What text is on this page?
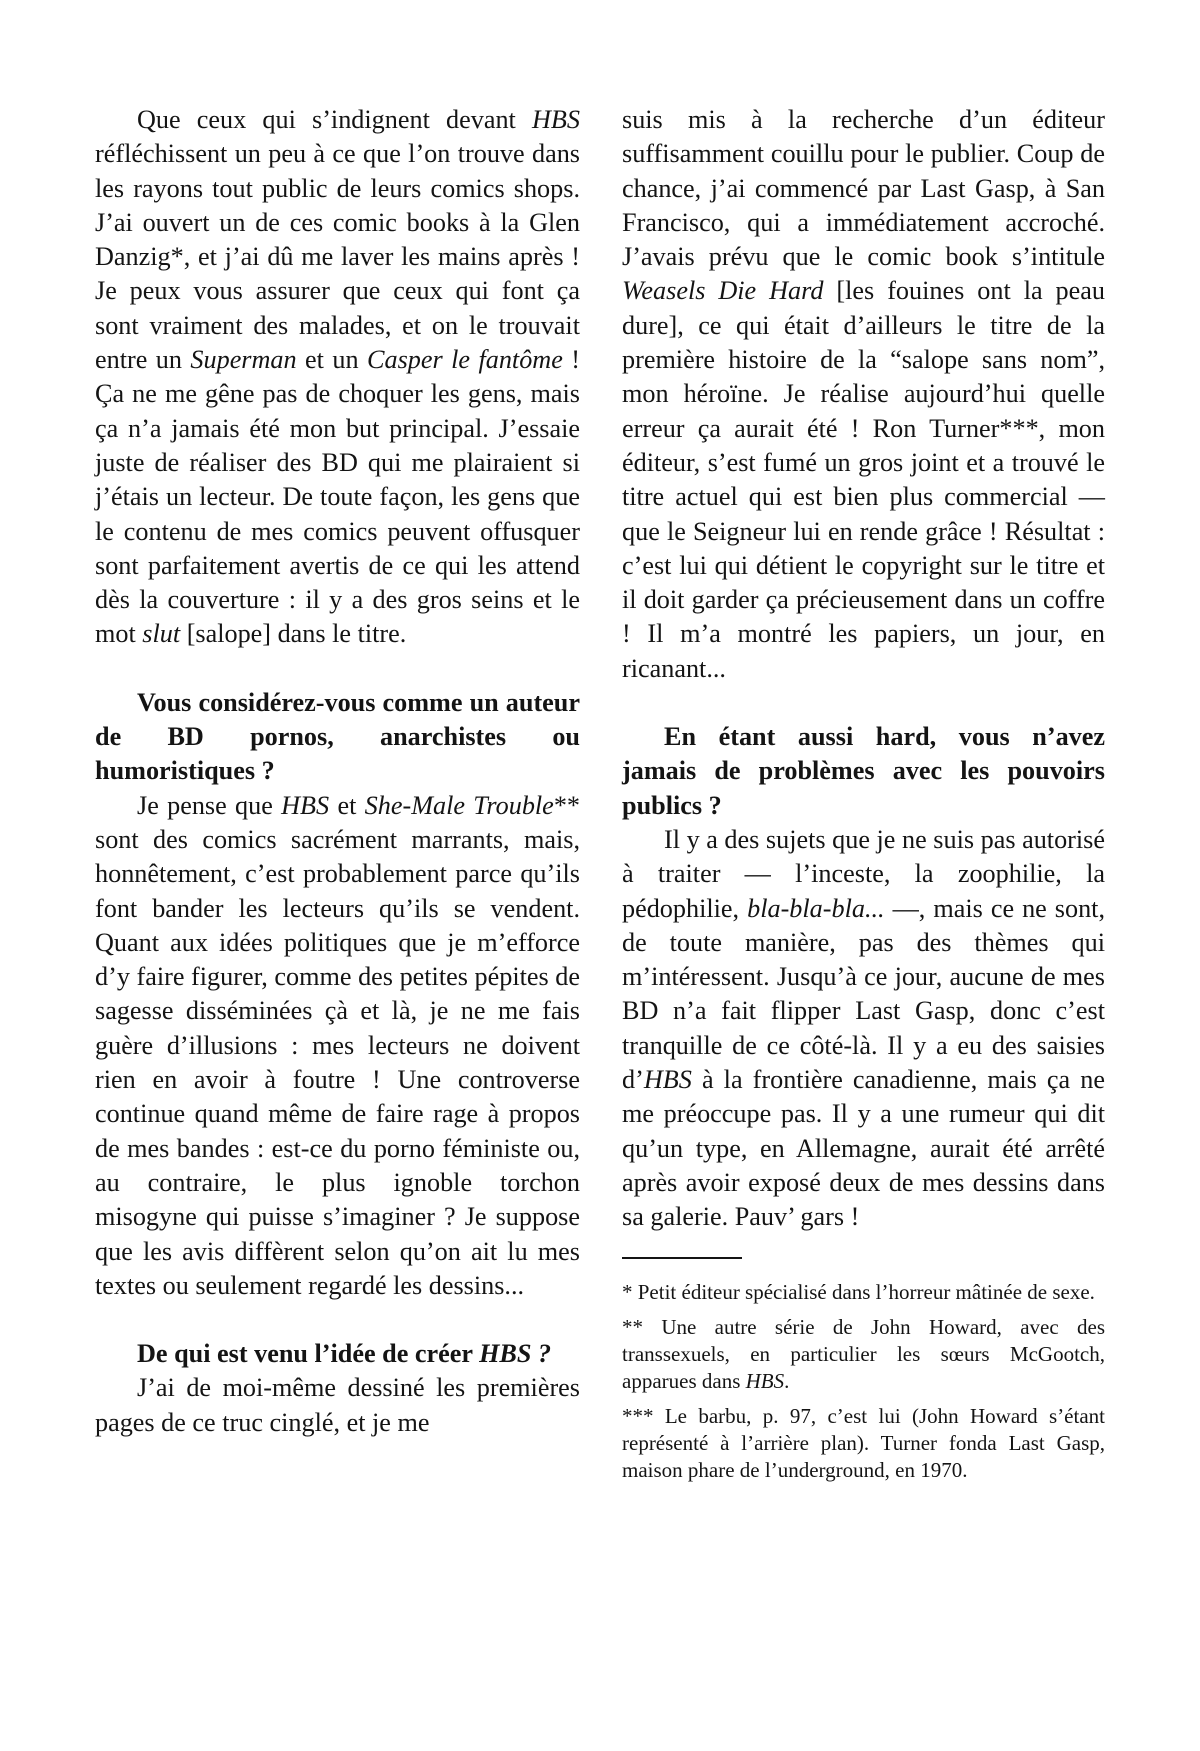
Que ceux qui s’indignent devant HBS réfléchissent un peu à ce que l’on trouve dans les rayons tout public de leurs comics shops. J’ai ouvert un de ces comic books à la Glen Danzig*, et j’ai dû me laver les mains après ! Je peux vous assurer que ceux qui font ça sont vraiment des malades, et on le trouvait entre un Superman et un Casper le fantôme ! Ça ne me gêne pas de choquer les gens, mais ça n’a jamais été mon but principal. J’essaie juste de réaliser des BD qui me plairaient si j’étais un lecteur. De toute façon, les gens que le contenu de mes comics peuvent offusquer sont parfaitement avertis de ce qui les attend dès la couverture : il y a des gros seins et le mot slut [salope] dans le titre.

Vous considérez-vous comme un auteur de BD pornos, anarchistes ou humoristiques ?

Je pense que HBS et She-Male Trouble** sont des comics sacrément marrants, mais, honnêtement, c’est probablement parce qu’ils font bander les lecteurs qu’ils se vendent. Quant aux idées politiques que je m’efforce d’y faire figurer, comme des petites pépites de sagesse disséminées çà et là, je ne me fais guère d’illusions : mes lecteurs ne doivent rien en avoir à foutre ! Une controverse continue quand même de faire rage à propos de mes bandes : est-ce du porno féministe ou, au contraire, le plus ignoble torchon misogyne qui puisse s’imaginer ? Je suppose que les avis diffèrent selon qu’on ait lu mes textes ou seulement regardé les dessins...

De qui est venu l’idée de créer HBS ?

J’ai de moi-même dessiné les premières pages de ce truc cinglé, et je me

suis mis à la recherche d’un éditeur suffisamment couillu pour le publier. Coup de chance, j’ai commencé par Last Gasp, à San Francisco, qui a immédiatement accroché. J’avais prévu que le comic book s’intitule Weasels Die Hard [les fouines ont la peau dure], ce qui était d’ailleurs le titre de la première histoire de la “salope sans nom”, mon héroïne. Je réalise aujourd’hui quelle erreur ça aurait été ! Ron Turner***, mon éditeur, s’est fumé un gros joint et a trouvé le titre actuel qui est bien plus commercial — que le Seigneur lui en rende grâce ! Résultat : c’est lui qui détient le copyright sur le titre et il doit garder ça précieusement dans un coffre ! Il m’a montré les papiers, un jour, en ricanant...

En étant aussi hard, vous n’avez jamais de problèmes avec les pouvoirs publics ?

Il y a des sujets que je ne suis pas autorisé à traiter — l’inceste, la zoophilie, la pédophilie, bla-bla-bla... —, mais ce ne sont, de toute manière, pas des thèmes qui m’intéressent. Jusqu’à ce jour, aucune de mes BD n’a fait flipper Last Gasp, donc c’est tranquille de ce côté-là. Il y a eu des saisies d’HBS à la frontière canadienne, mais ça ne me préoccupe pas. Il y a une rumeur qui dit qu’un type, en Allemagne, aurait été arrêté après avoir exposé deux de mes dessins dans sa galerie. Pauv’ gars !

* Petit éditeur spécialisé dans l’horreur mâtinée de sexe.

** Une autre série de John Howard, avec des transsexuels, en particulier les sœurs McGootch, apparues dans HBS.

*** Le barbu, p. 97, c’est lui (John Howard s’étant représenté à l’arrière plan). Turner fonda Last Gasp, maison phare de l’underground, en 1970.
